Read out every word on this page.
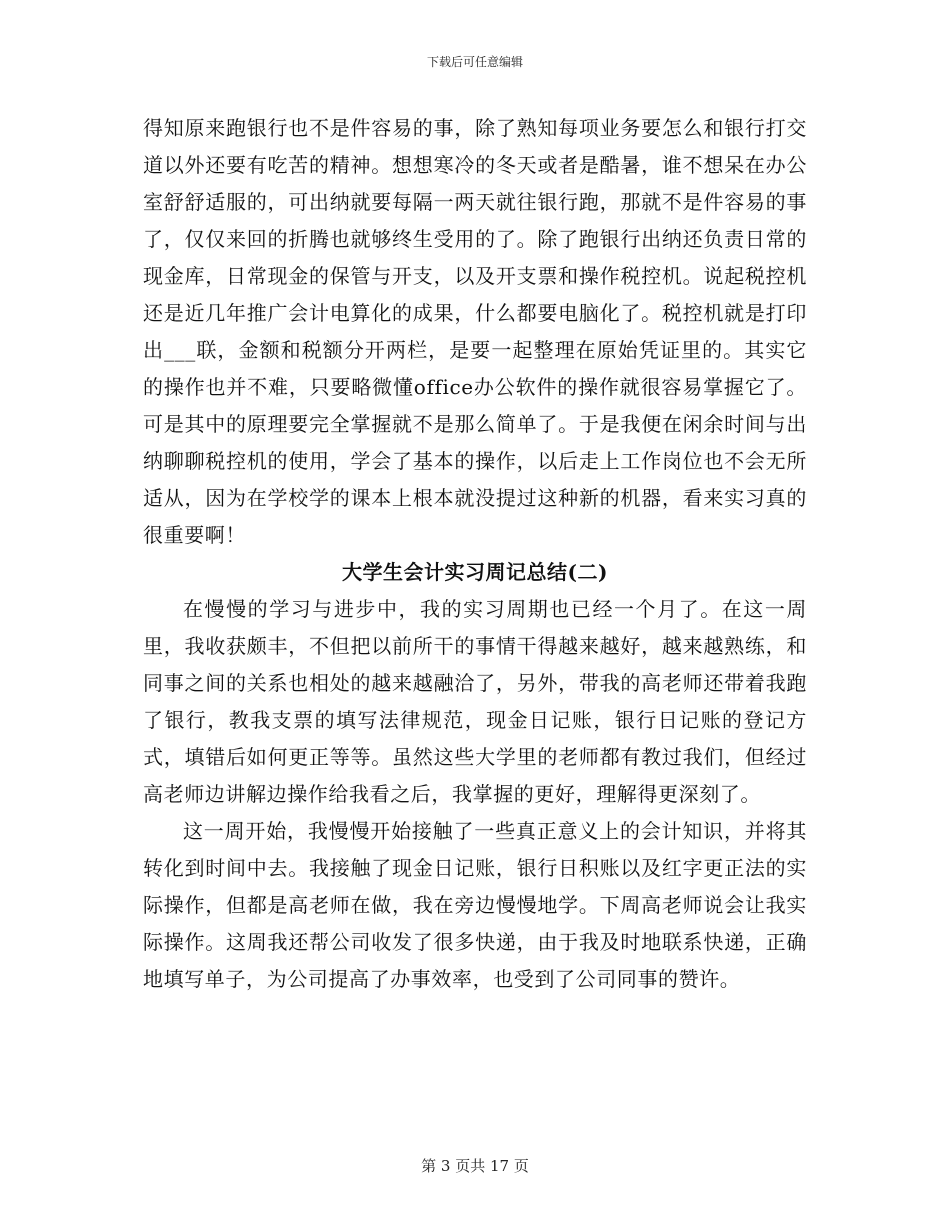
下载后可任意编辑

得知原来跑银行也不是件容易的事，除了熟知每项业务要怎么和银行打交道以外还要有吃苦的精神。想想寒冷的冬天或者是酷暑，谁不想呆在办公室舒舒适服的，可出纳就要每隔一两天就往银行跑，那就不是件容易的事了，仅仅来回的折腾也就够终生受用的了。除了跑银行出纳还负责日常的现金库，日常现金的保管与开支，以及开支票和操作税控机。说起税控机还是近几年推广会计电算化的成果，什么都要电脑化了。税控机就是打印出___联，金额和税额分开两栏，是要一起整理在原始凭证里的。其实它的操作也并不难，只要略微懂office办公软件的操作就很容易掌握它了。可是其中的原理要完全掌握就不是那么简单了。于是我便在闲余时间与出纳聊聊税控机的使用，学会了基本的操作，以后走上工作岗位也不会无所适从，因为在学校学的课本上根本就没提过这种新的机器，看来实习真的很重要啊！

大学生会计实习周记总结(二)

在慢慢的学习与进步中，我的实习周期也已经一个月了。在这一周里，我收获颇丰，不但把以前所干的事情干得越来越好，越来越熟练，和同事之间的关系也相处的越来越融洽了，另外，带我的高老师还带着我跑了银行，教我支票的填写法律规范，现金日记账，银行日记账的登记方式，填错后如何更正等等。虽然这些大学里的老师都有教过我们，但经过高老师边讲解边操作给我看之后，我掌握的更好，理解得更深刻了。

这一周开始，我慢慢开始接触了一些真正意义上的会计知识，并将其转化到时间中去。我接触了现金日记账，银行日积账以及红字更正法的实际操作，但都是高老师在做，我在旁边慢慢地学。下周高老师说会让我实际操作。这周我还帮公司收发了很多快递，由于我及时地联系快递，正确地填写单子，为公司提高了办事效率，也受到了公司同事的赞许。

第 3 页共 17 页
